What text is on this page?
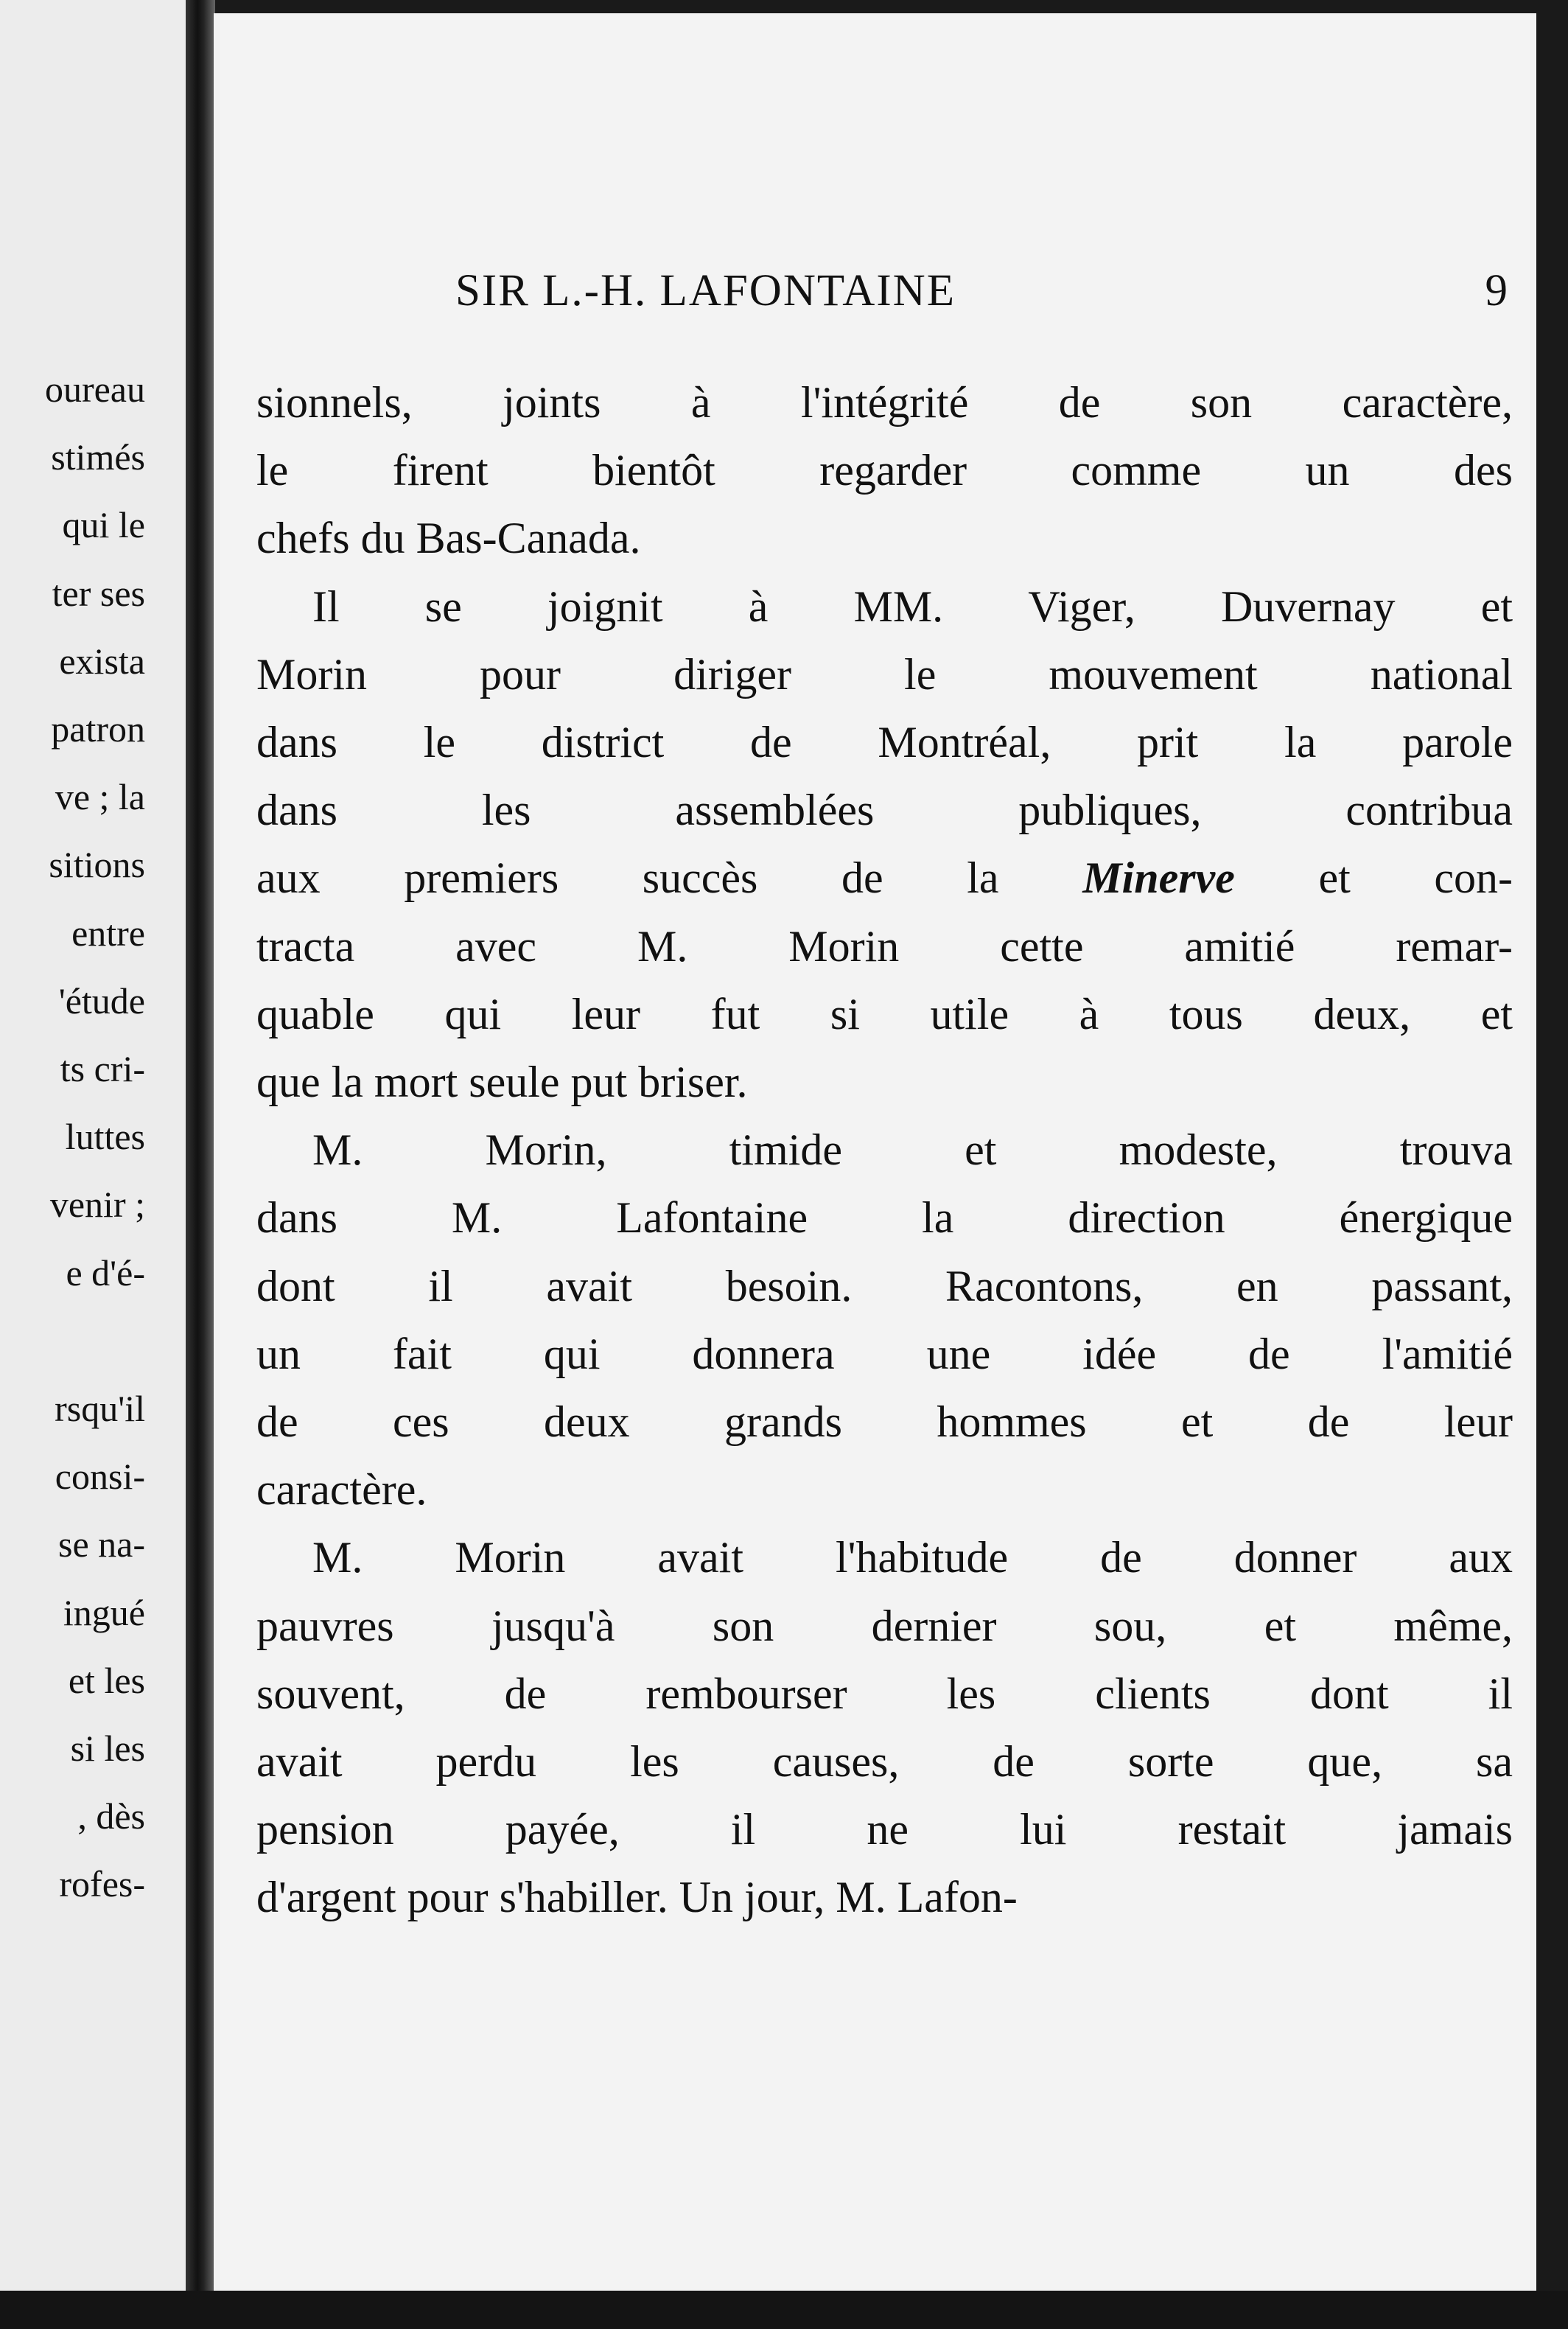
oureau
stimés
qui le
ter ses
exista
patron
ve ; la
sitions
entre
'étude
ts cri-
luttes
venir ;
e d'é-
rsqu'il
consi-
se na-
ingué
et les
si les
, dès
rofes-
SIR L.-H. LAFONTAINE	9
sionnels, joints à l'intégrité de son caractère,
le firent bientôt regarder comme un des
chefs du Bas-Canada.
Il se joignit à MM. Viger, Duvernay et
Morin pour diriger le mouvement national
dans le district de Montréal, prit la parole
dans les assemblées publiques, contribua
aux premiers succès de la Minerve et con-
tracta avec M. Morin cette amitié remar-
quable qui leur fut si utile à tous deux, et
que la mort seule put briser.
M. Morin, timide et modeste, trouva
dans M. Lafontaine la direction énergique
dont il avait besoin. Racontons, en passant,
un fait qui donnera une idée de l'amitié
de ces deux grands hommes et de leur
caractère.
M. Morin avait l'habitude de donner aux
pauvres jusqu'à son dernier sou, et même,
souvent, de rembourser les clients dont il
avait perdu les causes, de sorte que, sa
pension payée, il ne lui restait jamais
d'argent pour s'habiller. Un jour, M. Lafon-
